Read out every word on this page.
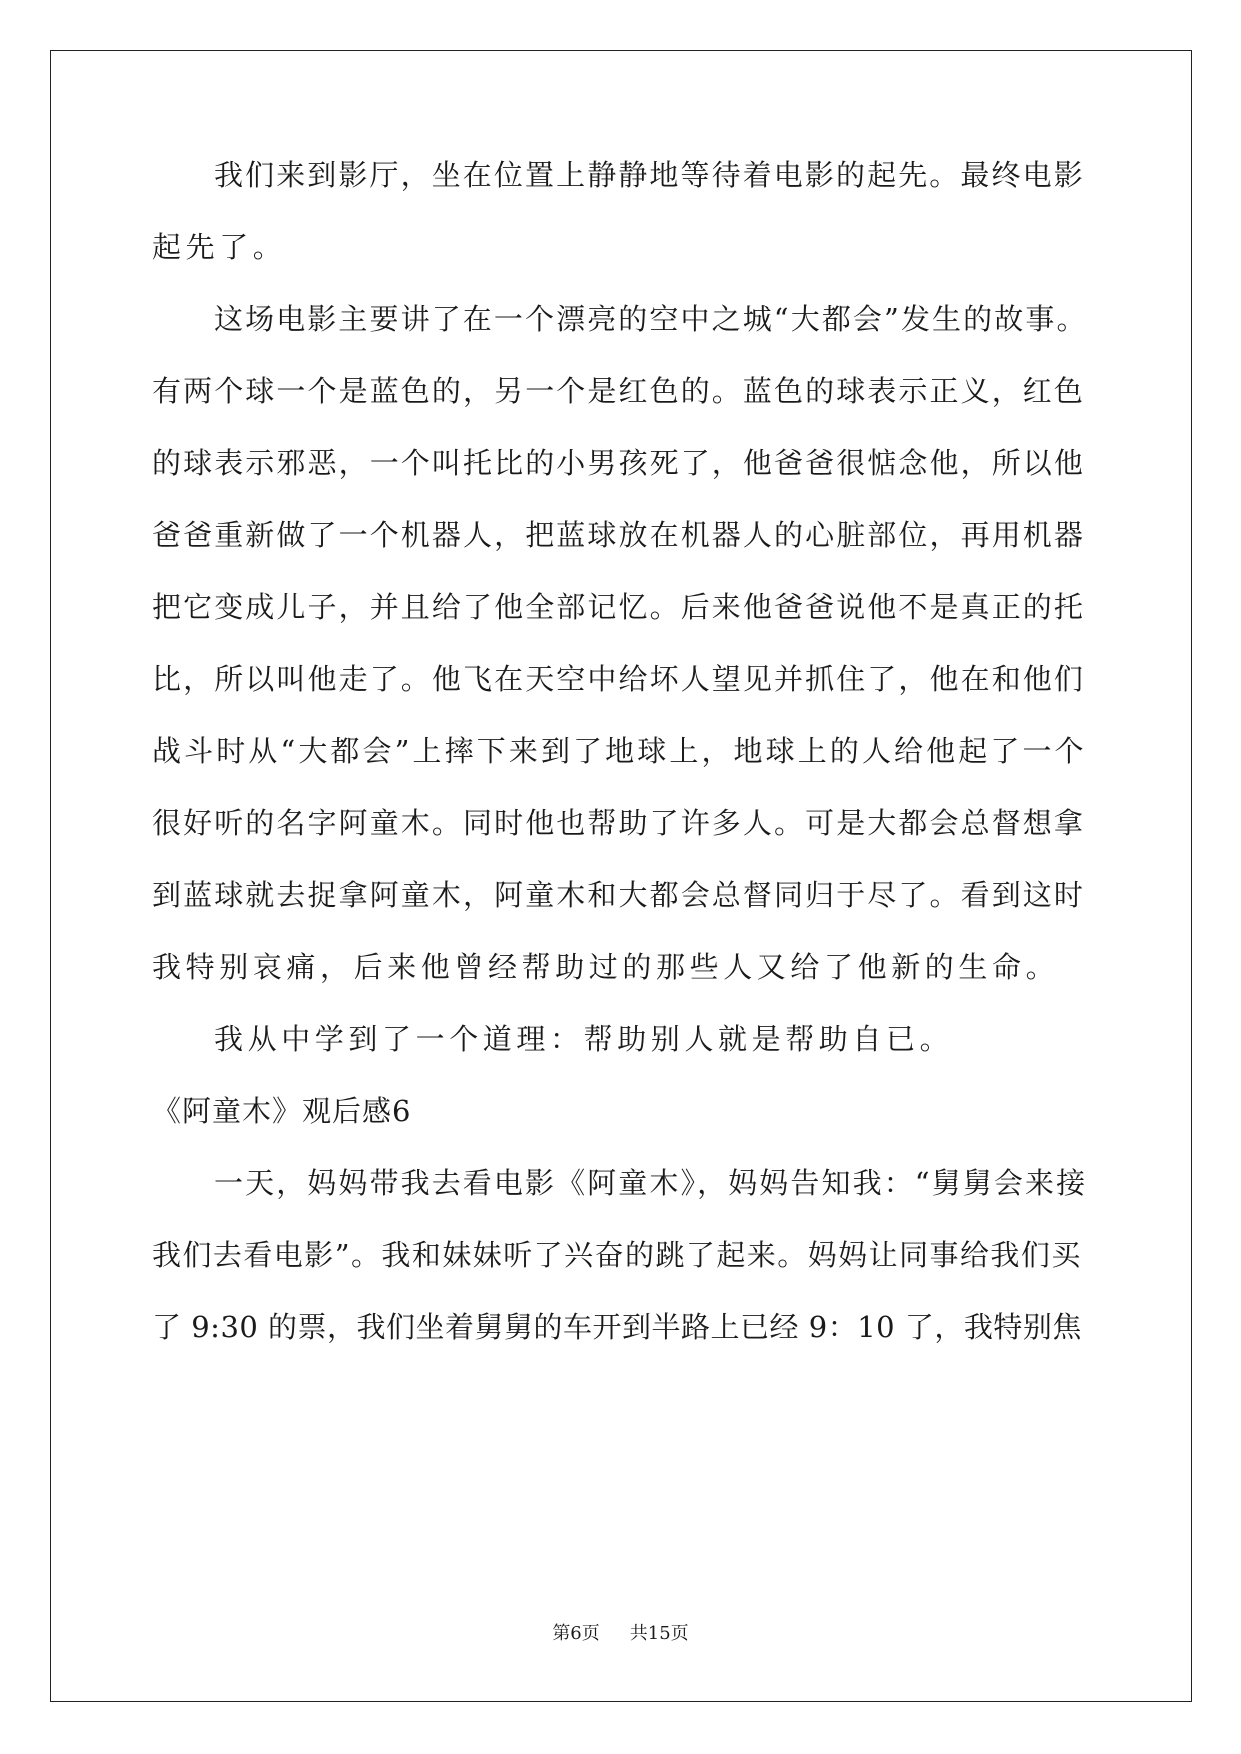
我们来到影厅，坐在位置上静静地等待着电影的起先。最终电影
起先了。
这场电影主要讲了在一个漂亮的空中之城“大都会”发生的故事。
有两个球一个是蓝色的，另一个是红色的。蓝色的球表示正义，红色
的球表示邪恶，一个叫托比的小男孩死了，他爸爸很惦念他，所以他
爸爸重新做了一个机器人，把蓝球放在机器人的心脏部位，再用机器
把它变成儿子，并且给了他全部记忆。后来他爸爸说他不是真正的托
比，所以叫他走了。他飞在天空中给坏人望见并抓住了，他在和他们
战斗时从“大都会”上摔下来到了地球上，地球上的人给他起了一个
很好听的名字阿童木。同时他也帮助了许多人。可是大都会总督想拿
到蓝球就去捉拿阿童木，阿童木和大都会总督同归于尽了。看到这时
我特别哀痛，后来他曾经帮助过的那些人又给了他新的生命。
我从中学到了一个道理：帮助别人就是帮助自已。
《阿童木》观后感6
一天，妈妈带我去看电影《阿童木》，妈妈告知我：“舅舅会来接
我们去看电影”。我和妹妹听了兴奋的跳了起来。妈妈让同事给我们买
了 9:30 的票，我们坐着舅舅的车开到半路上已经 9：10 了，我特别焦
第6页 共15页
